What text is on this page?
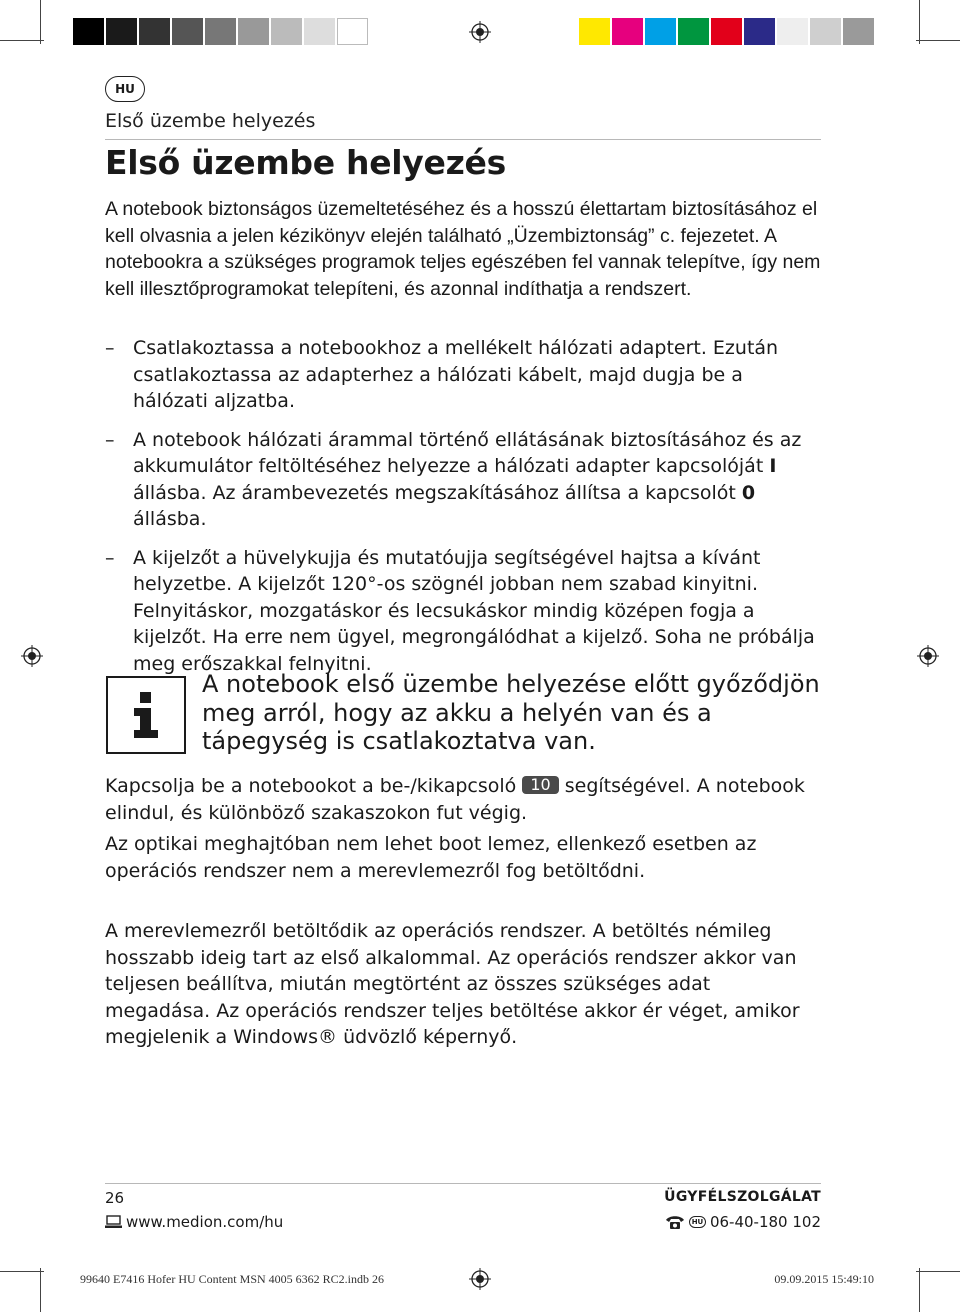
HU
Első üzembe helyezés
Első üzembe helyezés

A notebook biztonságos üzemeltetéséhez és a hosszú élettartam biztosításához el kell olvasnia a jelen kézikönyv elején található „Üzembiztonság” c. fejezetet. A notebookra a szükséges programok teljes egészében fel vannak telepítve, így nem kell illesztőprogramokat telepíteni, és azonnal indíthatja a rendszert.

– Csatlakoztassa a notebookhoz a mellékelt hálózati adaptert. Ezután csatlakoztassa az adapterhez a hálózati kábelt, majd dugja be a hálózati aljzatba.
– A notebook hálózati árammal történő ellátásának biztosításához és az akkumulátor feltöltéséhez helyezze a hálózati adapter kapcsolóját I állásba. Az árambevezetés megszakításához állítsa a kapcsolót 0 állásba.
– A kijelzőt a hüvelykujja és mutatóujja segítségével hajtsa a kívánt helyzetbe. A kijelzőt 120°-os szögnél jobban nem szabad kinyitni. Felnyitáskor, mozgatáskor és lecsukáskor mindig középen fogja a kijelzőt. Ha erre nem ügyel, megrongálódhat a kijelző. Soha ne próbálja meg erőszakkal felnyitni.

A notebook első üzembe helyezése előtt győződjön meg arról, hogy az akku a helyén van és a tápegység is csatlakoztatva van.

Kapcsolja be a notebookot a be-/kikapcsoló 10 segítségével. A notebook elindul, és különböző szakaszokon fut végig.

Az optikai meghajtóban nem lehet boot lemez, ellenkező esetben az operációs rendszer nem a merevlemezről fog betöltődni.

A merevlemezről betöltődik az operációs rendszer. A betöltés némileg hosszabb ideig tart az első alkalommal. Az operációs rendszer akkor van teljesen beállítva, miután megtörtént az összes szükséges adat megadása. Az operációs rendszer teljes betöltése akkor ér véget, amikor megjelenik a Windows® üdvözlő képernyő.

26	ÜGYFÉLSZOLGÁLAT
www.medion.com/hu	HU 06-40-180 102
99640 E7416 Hofer HU Content MSN 4005 6362 RC2.indb 26	09.09.2015 15:49:10
